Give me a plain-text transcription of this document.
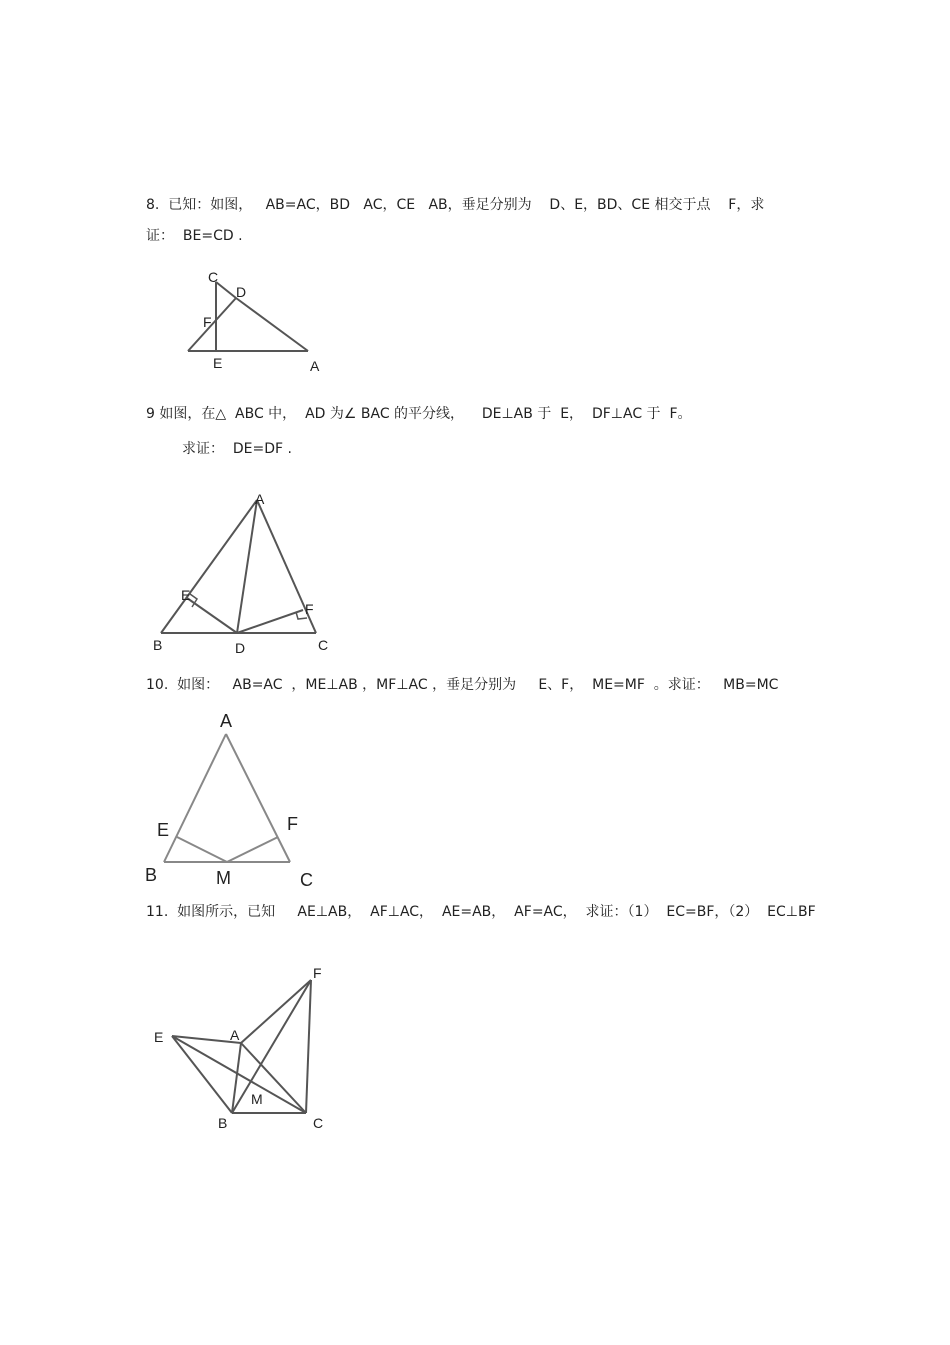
8.  已知：如图，   AB=AC，BD   AC，CE   AB，垂足分别为    D、E，BD、CE 相交于点    F，求
证：  BE=CD .
C
D
F
E	A
9 如图，在△  ABC 中，  AD 为∠ BAC 的平分线，    DE⊥AB 于  E，  DF⊥AC 于  F。
求证：  DE=DF .
A
E
F
B	D	C
10.  如图：   AB=AC  ，ME⊥AB ，MF⊥AC ，垂足分别为     E、F，  ME=MF  。求证：   MB=MC
A
E	F
B	M	C
11.  如图所示，已知     AE⊥AB，  AF⊥AC，  AE=AB，  AF=AC，  求证：（1）  EC=BF，（2）  EC⊥BF
F
E	A
M
B	C
